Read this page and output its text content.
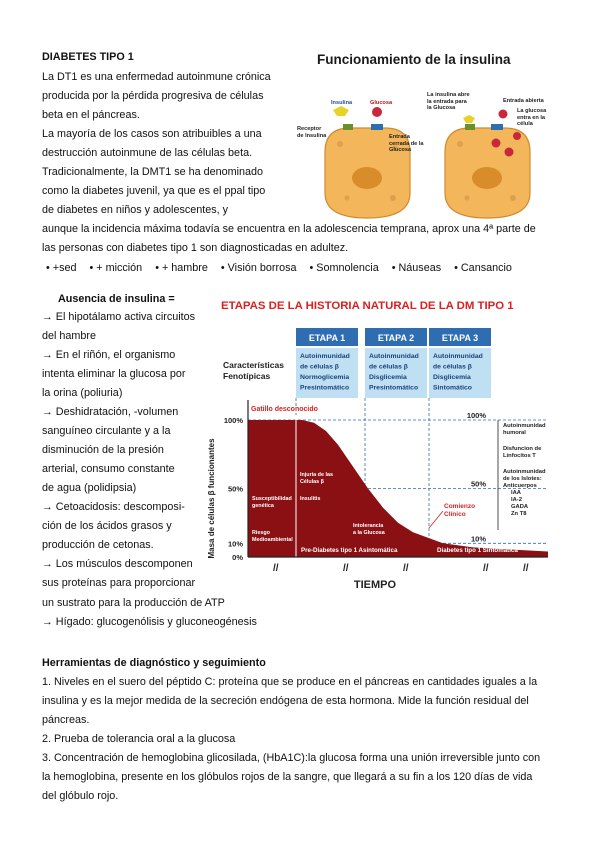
DIABETES TIPO 1
La DT1 es una enfermedad autoinmune crónica
producida por la pérdida progresiva de células
beta en el páncreas.
La mayoría de los casos son atribuibles a una
destrucción autoinmune de las células beta.
Tradicionalmente, la DMT1 se ha denominado
como la diabetes juvenil, ya que es el ppal tipo
de diabetes en niños y adolescentes, y
aunque la incidencia máxima todavía se encuentra en la adolescencia temprana, aprox una 4ª parte de
las personas con diabetes tipo 1 son diagnosticadas en adultez.
• +sed • + micción • + hambre • Visión borrosa • Somnolencia • Náuseas • Cansancio
Funcionamiento de la insulina
Insulina	Glucosa
Receptor de Insulina	Entrada cerrada de la Glucosa
La insulina abre la entrada para la Glucosa
Entrada abierta
La glucosa entra en la célula
Ausencia de insulina =
→ El hipotálamo activa circuitos
del hambre
→ En el riñón, el organismo
intenta eliminar la glucosa por
la orina (poliuria)
→ Deshidratación, -volumen
sanguíneo circulante y a la
disminución de la presión
arterial, consumo constante
de agua (polidipsia)
→ Cetoacidosis: descomposi-
ción de los ácidos grasos y
producción de cetonas.
→ Los músculos descomponen
sus proteínas para proporcionar
un sustrato para la producción de ATP
→ Hígado: glucogenólisis y gluconeogénesis
ETAPAS DE LA HISTORIA NATURAL DE LA DM TIPO 1
Características
Fenotípicas
ETAPA 1
Autoinmunidad
de células β
Normoglicemia
Presintomático
ETAPA 2
Autoinmunidad
de células β
Disglicemia
Presintomático
ETAPA 3
Autoinmunidad
de células β
Disglicemia
Sintomático
//	//	//	//	//
100%
50%
10%
0%
100%
50%
10%
Masa de células β funcionantes
TIEMPO
Gatillo desconocido
Susceptibilidad
genética
Riesgo
Medioambiental
Injuria de las
Células β
Insulitis
Intolerancia
a la Glucosa
Comienzo
Clínico
Pre-Diabetes tipo 1 Asintomática	Diabetes tipo 1 Sintomática
Autoinmunidad
humoral
Disfuncion de
Linfocitos T
Autoinmunidad
de los Islotes:
Anticuerpos
IAA
IA-2
GADA
Zn T8
Herramientas de diagnóstico y seguimiento
1. Niveles en el suero del péptido C: proteína que se produce en el páncreas en cantidades iguales a la
insulina y es la mejor medida de la secreción endógena de esta hormona. Mide la función residual del
páncreas.
2. Prueba de tolerancia oral a la glucosa
3. Concentración de hemoglobina glicosilada, (HbA1C):la glucosa forma una unión irreversible junto con
la hemoglobina, presente en los glóbulos rojos de la sangre, que llegará a su fin a los 120 días de vida
del glóbulo rojo.
